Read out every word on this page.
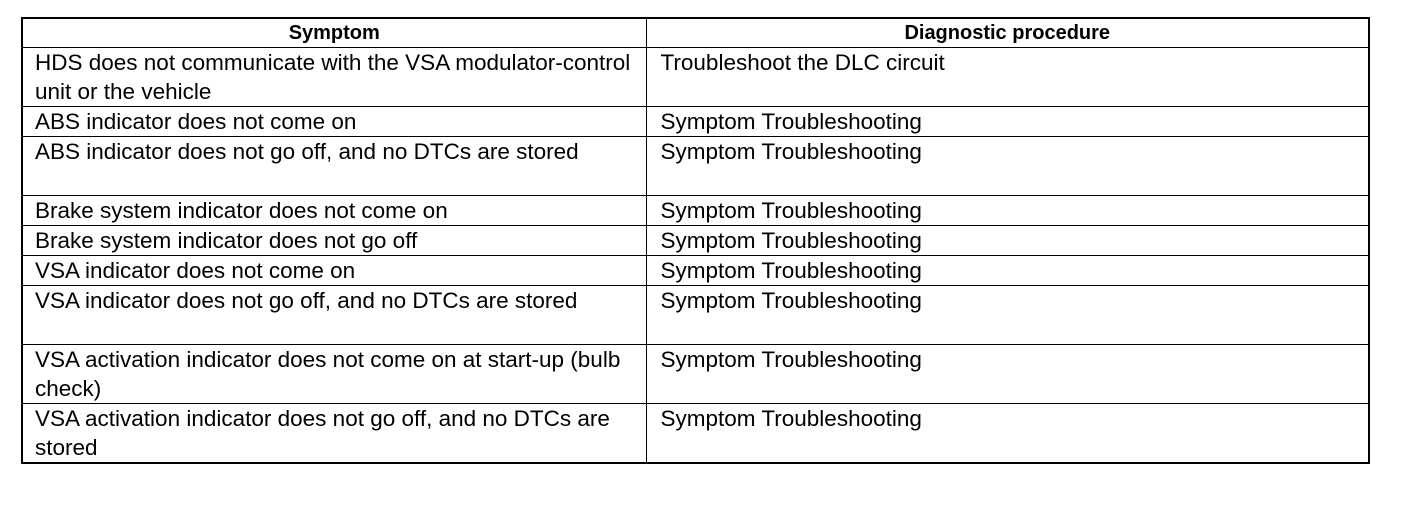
Symptom	Diagnostic procedure
HDS does not communicate with the VSA modulator-control unit or the vehicle	Troubleshoot the DLC circuit
ABS indicator does not come on	Symptom Troubleshooting
ABS indicator does not go off, and no DTCs are stored	Symptom Troubleshooting
Brake system indicator does not come on	Symptom Troubleshooting
Brake system indicator does not go off	Symptom Troubleshooting
VSA indicator does not come on	Symptom Troubleshooting
VSA indicator does not go off, and no DTCs are stored	Symptom Troubleshooting
VSA activation indicator does not come on at start-up (bulb check)	Symptom Troubleshooting
VSA activation indicator does not go off, and no DTCs are stored	Symptom Troubleshooting
